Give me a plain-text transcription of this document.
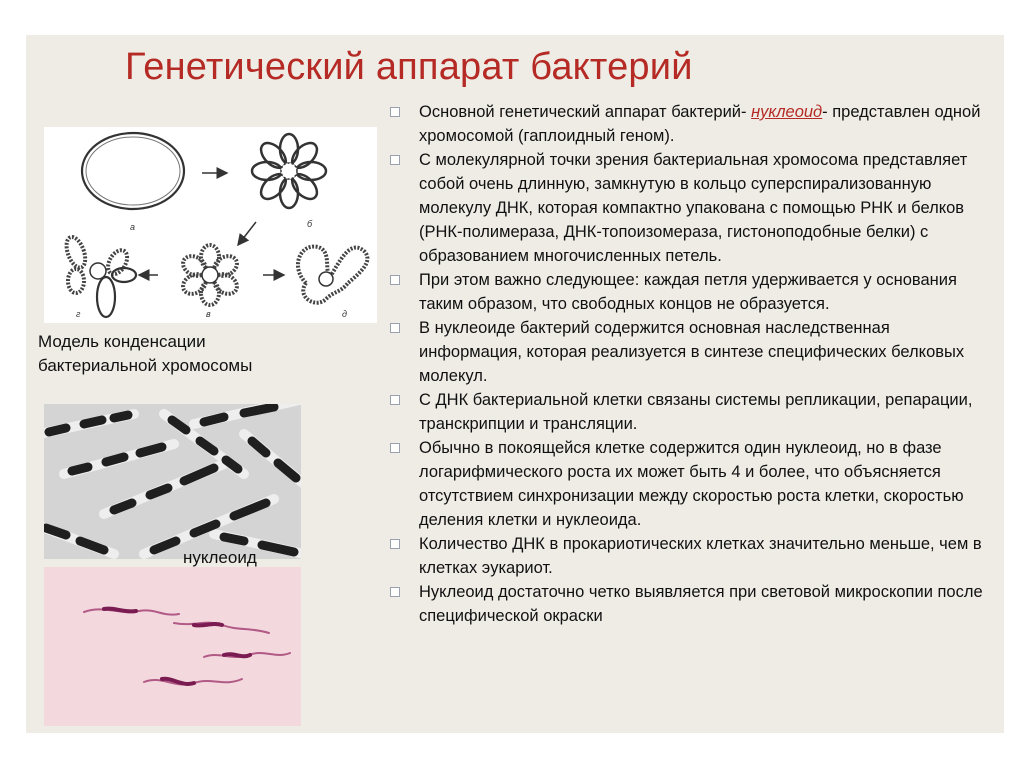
Генетический аппарат бактерий
а	б
в
г	д
Модель конденсации
бактериальной хромосомы
нуклеоид
Основной генетический аппарат бактерий- нуклеоид- представлен одной хромосомой (гаплоидный геном).
С молекулярной точки зрения бактериальная хромосома представляет собой очень длинную, замкнутую в кольцо суперспирализованную молекулу ДНК, которая компактно упакована с помощью РНК и белков (РНК-полимераза, ДНК-топоизомераза, гистоноподобные белки) с образованием многочисленных петель.
При этом важно следующее: каждая петля удерживается у основания таким образом, что свободных концов не образуется.
В нуклеоиде бактерий содержится основная наследственная информация, которая реализуется в синтезе специфических белковых молекул.
С ДНК бактериальной клетки связаны системы репликации, репарации, транскрипции и трансляции.
Обычно в покоящейся клетке содержится один нуклеоид, но в фазе логарифмического роста их может быть 4 и более, что объясняется отсутствием синхронизации между скоростью роста клетки, скоростью деления клетки и нуклеоида.
Количество ДНК в прокариотических клетках значительно меньше, чем в клетках эукариот.
Нуклеоид достаточно четко выявляется при световой микроскопии после специфической окраски
